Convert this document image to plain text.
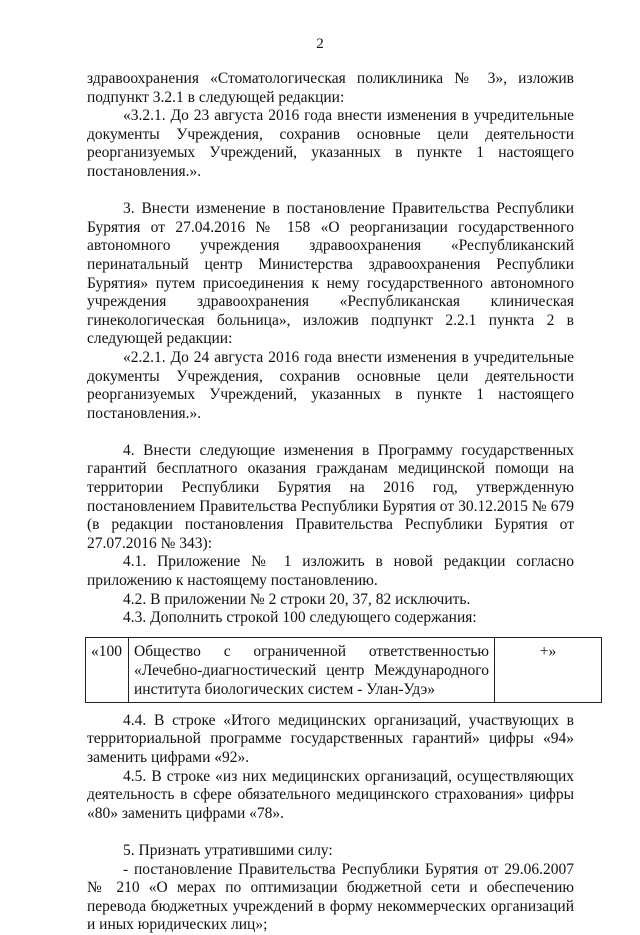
2

здравоохранения «Стоматологическая поликлиника № 3», изложив подпункт 3.2.1 в следующей редакции:

«3.2.1. До 23 августа 2016 года внести изменения в учредительные документы Учреждения, сохранив основные цели деятельности реорганизуемых Учреждений, указанных в пункте 1 настоящего постановления.».

3. Внести изменение в постановление Правительства Республики Бурятия от 27.04.2016 № 158 «О реорганизации государственного автономного учреждения здравоохранения «Республиканский перинатальный центр Министерства здравоохранения Республики Бурятия» путем присоединения к нему государственного автономного учреждения здравоохранения «Республиканская клиническая гинекологическая больница», изложив подпункт 2.2.1 пункта 2 в следующей редакции:

«2.2.1. До 24 августа 2016 года внести изменения в учредительные документы Учреждения, сохранив основные цели деятельности реорганизуемых Учреждений, указанных в пункте 1 настоящего постановления.».

4. Внести следующие изменения в Программу государственных гарантий бесплатного оказания гражданам медицинской помощи на территории Республики Бурятия на 2016 год, утвержденную постановлением Правительства Республики Бурятия от 30.12.2015 № 679 (в редакции постановления Правительства Республики Бурятия от 27.07.2016 № 343):

4.1. Приложение № 1 изложить в новой редакции согласно приложению к настоящему постановлению.

4.2. В приложении № 2 строки 20, 37, 82 исключить.

4.3. Дополнить строкой 100 следующего содержания:

«100	Общество с ограниченной ответственностью «Лечебно-диагностический центр Международного института биологических систем - Улан-Удэ»	+»

4.4. В строке «Итого медицинских организаций, участвующих в территориальной программе государственных гарантий» цифры «94» заменить цифрами «92».

4.5. В строке «из них медицинских организаций, осуществляющих деятельность в сфере обязательного медицинского страхования» цифры «80» заменить цифрами «78».

5. Признать утратившими силу:

- постановление Правительства Республики Бурятия от 29.06.2007 № 210 «О мерах по оптимизации бюджетной сети и обеспечению перевода бюджетных учреждений в форму некоммерческих организаций и иных юридических лиц»;
